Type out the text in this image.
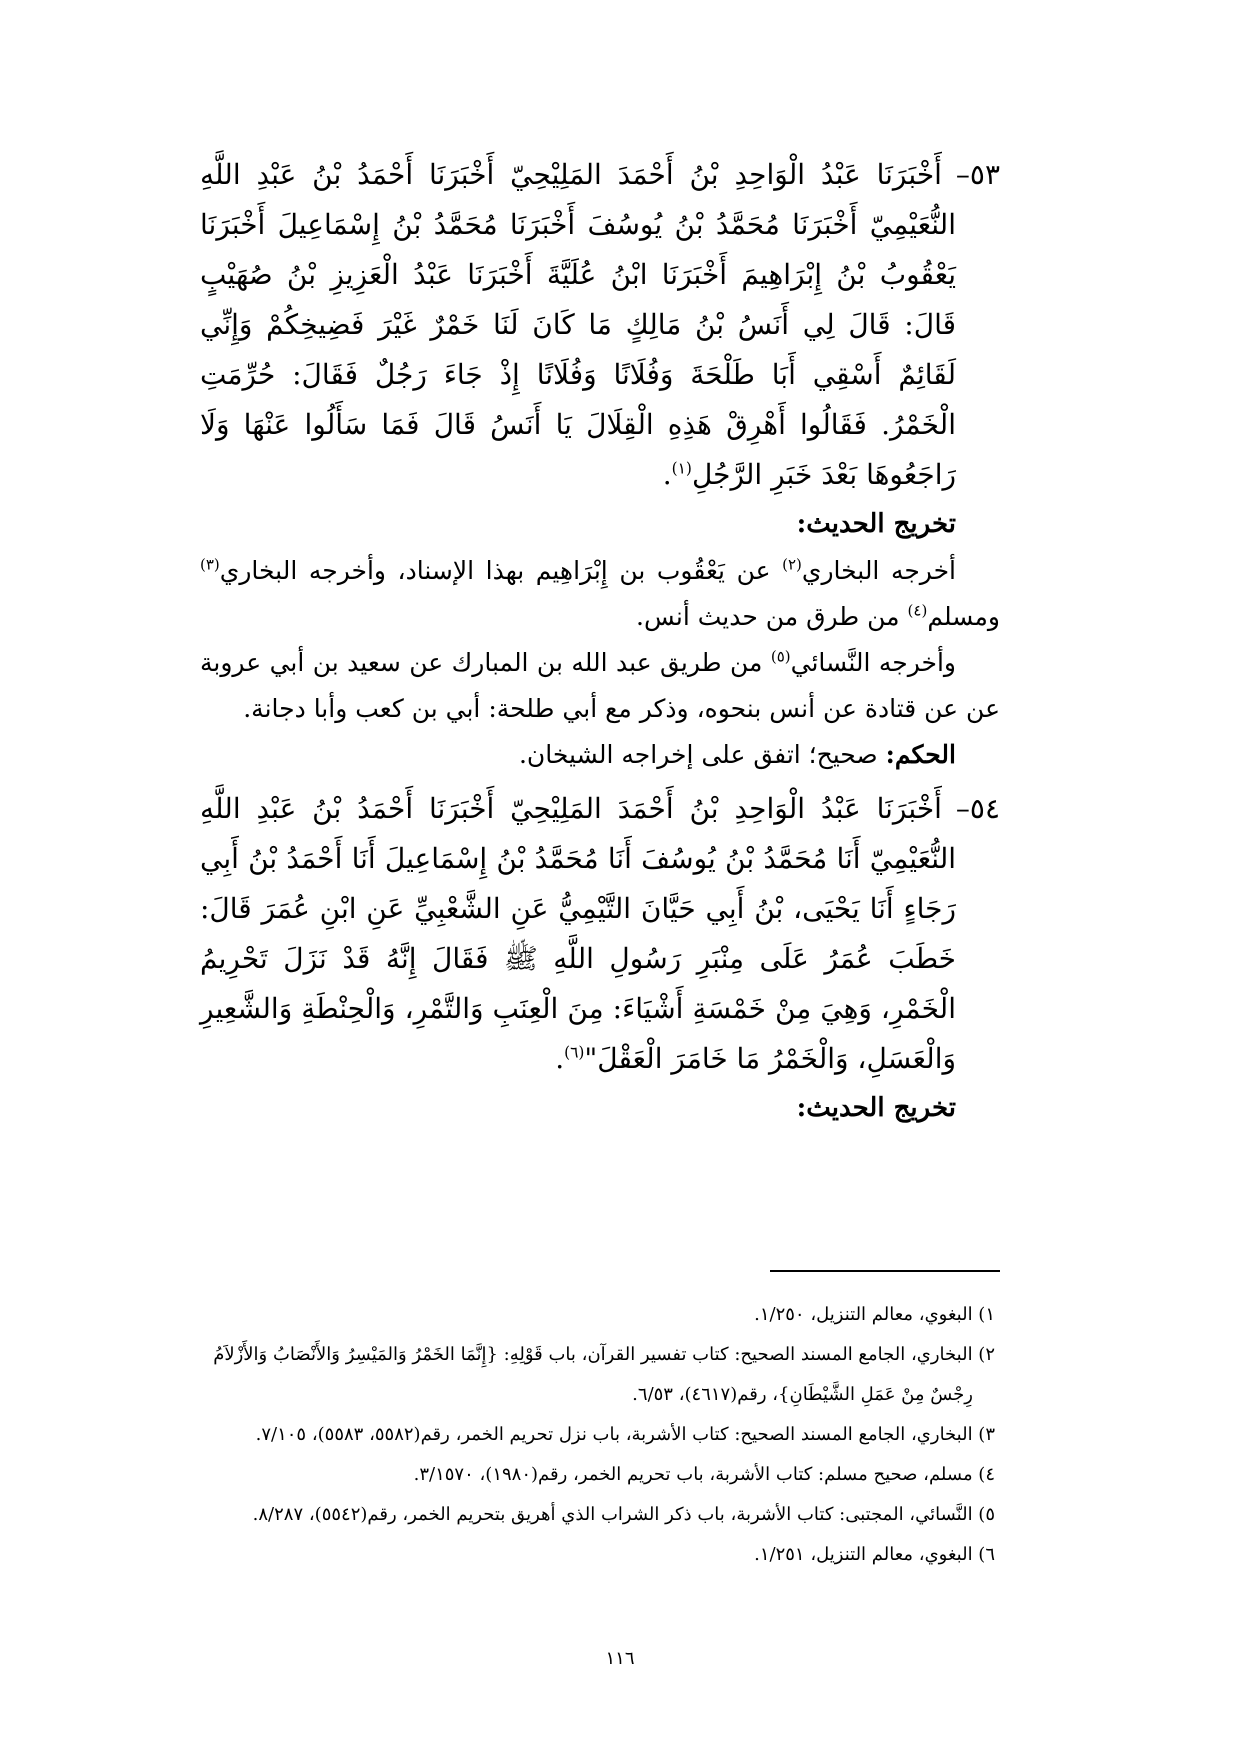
٥٣–أَخْبَرَنَا عَبْدُ الْوَاحِدِ بْنُ أَحْمَدَ المَلِيْحِيّ أَخْبَرَنَا أَحْمَدُ بْنُ عَبْدِ اللَّهِ النُّعَيْمِيّ أَخْبَرَنَا مُحَمَّدُ بْنُ يُوسُفَ أَخْبَرَنَا مُحَمَّدُ بْنُ إِسْمَاعِيلَ أَخْبَرَنَا يَعْقُوبُ بْنُ إِبْرَاهِيمَ أَخْبَرَنَا ابْنُ عُلَيَّةَ أَخْبَرَنَا عَبْدُ الْعَزِيزِ بْنُ صُهَيْبٍ قَالَ: قَالَ لِي أَنَسُ بْنُ مَالِكٍ مَا كَانَ لَنَا خَمْرٌ غَيْرَ فَضِيخِكُمْ وَإِنِّي لَقَائِمٌ أَسْقِي أَبَا طَلْحَةَ وَفُلَانًا وَفُلَانًا إِذْ جَاءَ رَجُلٌ فَقَالَ: حُرِّمَتِ الْخَمْرُ. فَقَالُوا أَهْرِقْ هَذِهِ الْقِلَالَ يَا أَنَسُ قَالَ فَمَا سَأَلُوا عَنْهَا وَلَا رَاجَعُوهَا بَعْدَ خَبَرِ الرَّجُلِ$^{(١)}$.

تخريج الحديث:

أخرجه البخاري$^{(٢)}$ عن يَعْقُوب بن إِبْرَاهِيم بهذا الإسناد، وأخرجه البخاري$^{(٣)}$ ومسلم$^{(٤)}$ من طرق من حديث أنس.

وأخرجه النَّسائي$^{(٥)}$ من طريق عبد الله بن المبارك عن سعيد بن أبي عروبة عن عن قتادة عن أنس بنحوه، وذكر مع أبي طلحة: أبي بن كعب وأبا دجانة.

الحكم: صحيح؛ اتفق على إخراجه الشيخان.

٥٤–أَخْبَرَنَا عَبْدُ الْوَاحِدِ بْنُ أَحْمَدَ المَلِيْحِيّ أَخْبَرَنَا أَحْمَدُ بْنُ عَبْدِ اللَّهِ النُّعَيْمِيّ أَنَا مُحَمَّدُ بْنُ يُوسُفَ أَنَا مُحَمَّدُ بْنُ إِسْمَاعِيلَ أَنَا أَحْمَدُ بْنُ أَبِي رَجَاءٍ أَنَا يَحْيَى، بْنُ أَبِي حَيَّانَ التَّيْمِيُّ عَنِ الشَّعْبِيِّ عَنِ ابْنِ عُمَرَ قَالَ: خَطَبَ عُمَرُ عَلَى مِنْبَرِ رَسُولِ اللَّهِ ﷺ فَقَالَ إِنَّهُ قَدْ نَزَلَ تَحْرِيمُ الْخَمْرِ، وَهِيَ مِنْ خَمْسَةِ أَشْيَاءَ: مِنَ الْعِنَبِ وَالتَّمْرِ، وَالْحِنْطَةِ وَالشَّعِيرِ وَالْعَسَلِ، وَالْخَمْرُ مَا خَامَرَ الْعَقْلَ"$^{(٦)}$.

تخريج الحديث:

١) البغوي، معالم التنزيل، ١/٢٥٠.

٢) البخاري، الجامع المسند الصحيح: كتاب تفسير القرآن، باب قَوْلِهِ: {إِنَّمَا الخَمْرُ وَالمَيْسِرُ وَالأَنْصَابُ وَالأَزْلاَمُ
رِجْسٌ مِنْ عَمَلِ الشَّيْطَانِ}، رقم(٤٦١٧)، ٦/٥٣.

٣) البخاري، الجامع المسند الصحيح: كتاب الأشربة، باب نزل تحريم الخمر، رقم(٥٥٨٢، ٥٥٨٣)، ٧/١٠٥.

٤) مسلم، صحيح مسلم: كتاب الأشربة، باب تحريم الخمر، رقم(١٩٨٠)، ٣/١٥٧٠.

٥) النَّسائي، المجتبى: كتاب الأشربة، باب ذكر الشراب الذي أهريق بتحريم الخمر، رقم(٥٥٤٢)، ٨/٢٨٧.

٦) البغوي، معالم التنزيل، ١/٢٥١.

١١٦
